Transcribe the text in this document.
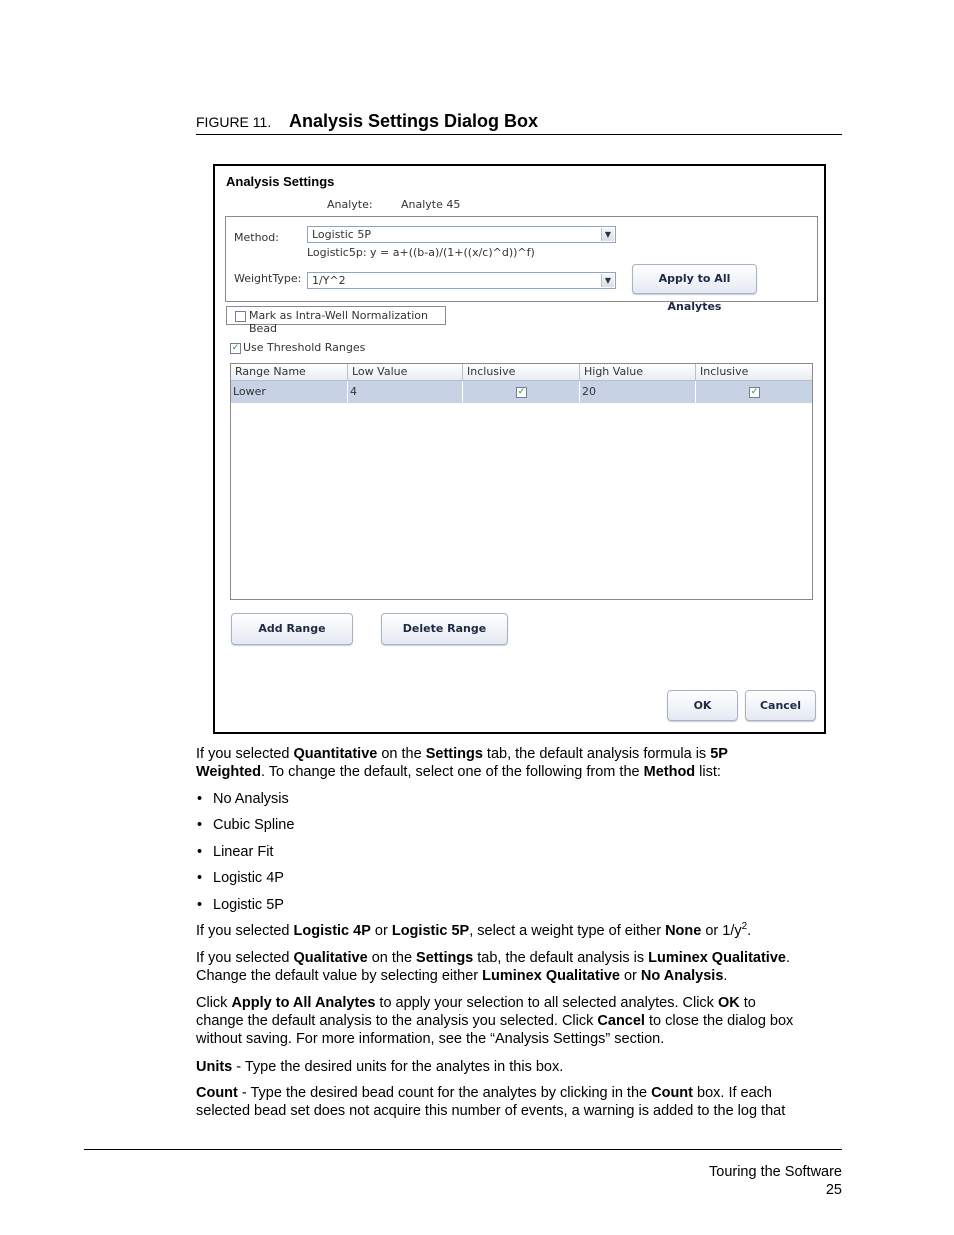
FIGURE 11. Analysis Settings Dialog Box
Analysis Settings
Analyte:	Analyte 45
Method:	Logistic 5P	▼
Logistic5p: y = a+((b-a)/(1+((x/c)^d))^f)
WeightType: 1/Y^2	▼	Apply to All Analytes
Mark as Intra-Well Normalization Bead
✓ Use Threshold Ranges
Range Name	Low Value	Inclusive	High Value	Inclusive
Lower	4	✓	20	✓
Add Range	Delete Range
OK	Cancel
If you selected Quantitative on the Settings tab, the default analysis formula is 5P
Weighted. To change the default, select one of the following from the Method list:
• No Analysis
• Cubic Spline
• Linear Fit
• Logistic 4P
• Logistic 5P
If you selected Logistic 4P or Logistic 5P, select a weight type of either None or $1/y^2$.
If you selected Qualitative on the Settings tab, the default analysis is Luminex Qualitative.
Change the default value by selecting either Luminex Qualitative or No Analysis.
Click Apply to All Analytes to apply your selection to all selected analytes. Click OK to
change the default analysis to the analysis you selected. Click Cancel to close the dialog box
without saving. For more information, see the “Analysis Settings” section.
Units - Type the desired units for the analytes in this box.
Count - Type the desired bead count for the analytes by clicking in the Count box. If each
selected bead set does not acquire this number of events, a warning is added to the log that
Touring the Software
25
